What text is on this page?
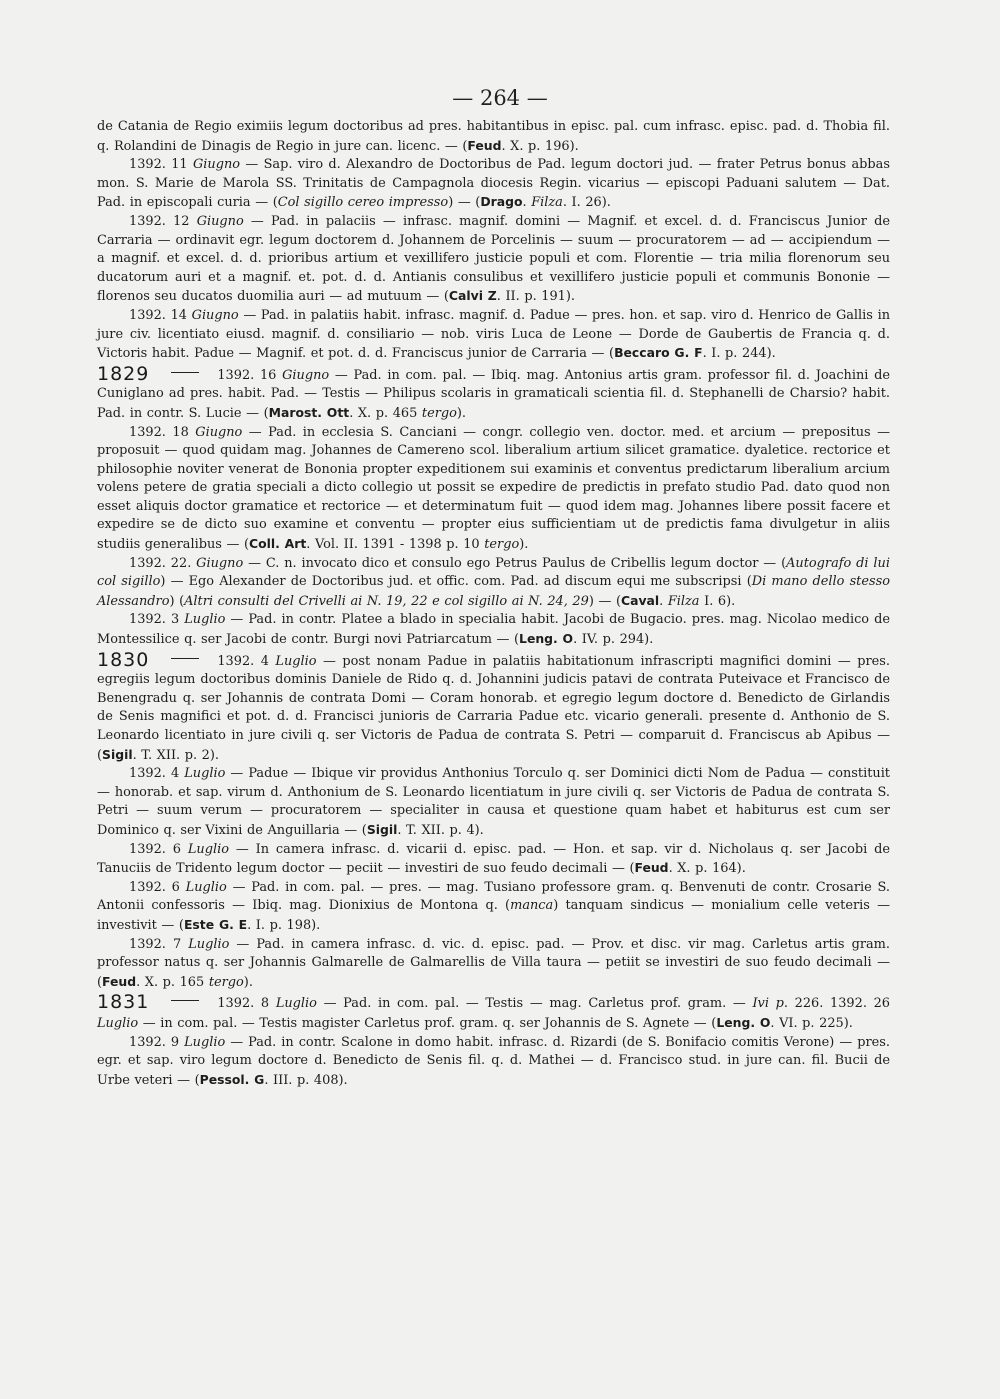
— 264 —

de Catania de Regio eximiis legum doctoribus ad pres. habitantibus in episc. pal. cum infrasc. episc. pad. d. Thobia fil. q. Rolandini de Dinagis de Regio in jure can. licenc. — (Feud. X. p. 196).

1392. 11 Giugno — Sap. viro d. Alexandro de Doctoribus de Pad. legum doctori jud. — frater Petrus bonus abbas mon. S. Marie de Marola SS. Trinitatis de Campagnola diocesis Regin. vicarius — episcopi Paduani salutem — Dat. Pad. in episcopali curia — (Col sigillo cereo impresso) — (Drago. Filza. I. 26).

1392. 12 Giugno — Pad. in palaciis — infrasc. magnif. domini — Magnif. et excel. d. d. Franciscus Junior de Carraria — ordinavit egr. legum doctorem d. Johannem de Porcelinis — suum — procuratorem — ad — accipiendum — a magnif. et excel. d. d. prioribus artium et vexillifero justicie populi et com. Florentie — tria milia florenorum seu ducatorum auri et a magnif. et. pot. d. d. Antianis consulibus et vexillifero justicie populi et communis Bononie — florenos seu ducatos duomilia auri — ad mutuum — (Calvi Z. II. p. 191).

1392. 14 Giugno — Pad. in palatiis habit. infrasc. magnif. d. Padue — pres. hon. et sap. viro d. Henrico de Gallis in jure civ. licentiato eiusd. magnif. d. consiliario — nob. viris Luca de Leone — Dorde de Gaubertis de Francia q. d. Victoris habit. Padue — Magnif. et pot. d. d. Franciscus junior de Carraria — (Beccaro G. F. I. p. 244).

1829	1392. 16 Giugno — Pad. in com. pal. — Ibiq. mag. Antonius artis gram. professor fil. d. Joachini de Cuniglano ad pres. habit. Pad. — Testis — Philipus scolaris in gramaticali scientia fil. d. Stephanelli de Charsio? habit. Pad. in contr. S. Lucie — (Marost. Ott. X. p. 465 tergo).

1392. 18 Giugno — Pad. in ecclesia S. Canciani — congr. collegio ven. doctor. med. et arcium — prepositus — proposuit — quod quidam mag. Johannes de Camereno scol. liberalium artium silicet gramatice. dyaletice. rectorice et philosophie noviter venerat de Bononia propter expeditionem sui examinis et conventus predictarum liberalium arcium volens petere de gratia speciali a dicto collegio ut possit se expedire de predictis in prefato studio Pad. dato quod non esset aliquis doctor gramatice et rectorice — et determinatum fuit — quod idem mag. Johannes libere possit facere et expedire se de dicto suo examine et conventu — propter eius sufficientiam ut de predictis fama divulgetur in aliis studiis generalibus — (Coll. Art. Vol. II. 1391 - 1398 p. 10 tergo).

1392. 22. Giugno — C. n. invocato dico et consulo ego Petrus Paulus de Cribellis legum doctor — (Autografo di lui col sigillo) — Ego Alexander de Doctoribus jud. et offic. com. Pad. ad discum equi me subscripsi (Di mano dello stesso Alessandro) (Altri consulti del Crivelli ai N. 19, 22 e col sigillo ai N. 24, 29) — (Caval. Filza I. 6).

1392. 3 Luglio — Pad. in contr. Platee a blado in specialia habit. Jacobi de Bugacio. pres. mag. Nicolao medico de Montessilice q. ser Jacobi de contr. Burgi novi Patriarcatum — (Leng. O. IV. p. 294).

1830	1392. 4 Luglio — post nonam Padue in palatiis habitationum infrascripti magnifici domini — pres. egregiis legum doctoribus dominis Daniele de Rido q. d. Johannini judicis patavi de contrata Puteivace et Francisco de Benengradu q. ser Johannis de contrata Domi — Coram honorab. et egregio legum doctore d. Benedicto de Girlandis de Senis magnifici et pot. d. d. Francisci junioris de Carraria Padue etc. vicario generali. presente d. Anthonio de S. Leonardo licentiato in jure civili q. ser Victoris de Padua de contrata S. Petri — comparuit d. Franciscus ab Apibus — (Sigil. T. XII. p. 2).

1392. 4 Luglio — Padue — Ibique vir providus Anthonius Torculo q. ser Dominici dicti Nom de Padua — constituit — honorab. et sap. virum d. Anthonium de S. Leonardo licentiatum in jure civili q. ser Victoris de Padua de contrata S. Petri — suum verum — procuratorem — specialiter in causa et questione quam habet et habiturus est cum ser Dominico q. ser Vixini de Anguillaria — (Sigil. T. XII. p. 4).

1392. 6 Luglio — In camera infrasc. d. vicarii d. episc. pad. — Hon. et sap. vir d. Nicholaus q. ser Jacobi de Tanuciis de Tridento legum doctor — peciit — investiri de suo feudo decimali — (Feud. X. p. 164).

1392. 6 Luglio — Pad. in com. pal. — pres. — mag. Tusiano professore gram. q. Benvenuti de contr. Crosarie S. Antonii confessoris — Ibiq. mag. Dionixius de Montona q. (manca) tanquam sindicus — monialium celle veteris — investivit — (Este G. E. I. p. 198).

1392. 7 Luglio — Pad. in camera infrasc. d. vic. d. episc. pad. — Prov. et disc. vir mag. Carletus artis gram. professor natus q. ser Johannis Galmarelle de Galmarellis de Villa taura — petiit se investiri de suo feudo decimali — (Feud. X. p. 165 tergo).

1831	1392. 8 Luglio — Pad. in com. pal. — Testis — mag. Carletus prof. gram. — Ivi p. 226. 1392. 26 Luglio — in com. pal. — Testis magister Carletus prof. gram. q. ser Johannis de S. Agnete — (Leng. O. VI. p. 225).

1392. 9 Luglio — Pad. in contr. Scalone in domo habit. infrasc. d. Rizardi (de S. Bonifacio comitis Verone) — pres. egr. et sap. viro legum doctore d. Benedicto de Senis fil. q. d. Mathei — d. Francisco stud. in jure can. fil. Bucii de Urbe veteri — (Pessol. G. III. p. 408).
